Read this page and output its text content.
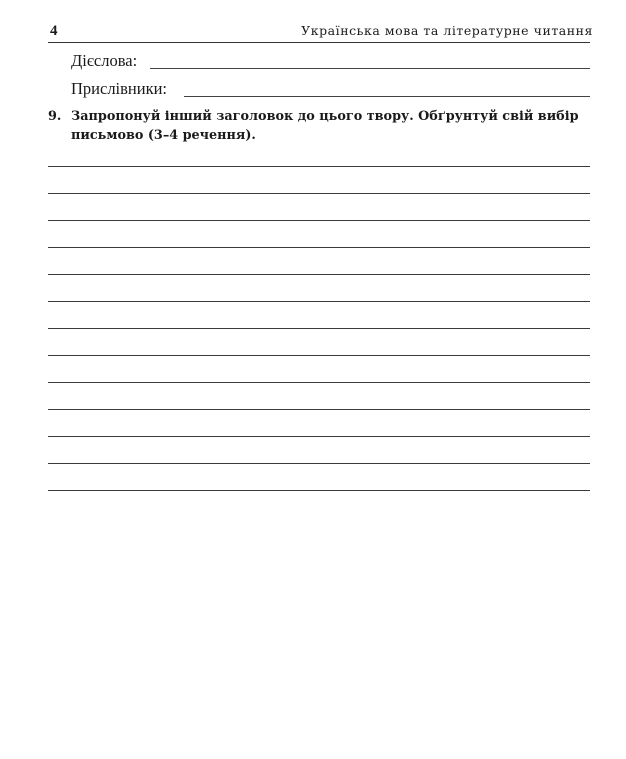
4	Українська мова та літературне читання
Дієслова:
Прислівники:
9. Запропонуй інший заголовок до цього твору. Обґрунтуй свій вибір письмово (3–4 речення).
